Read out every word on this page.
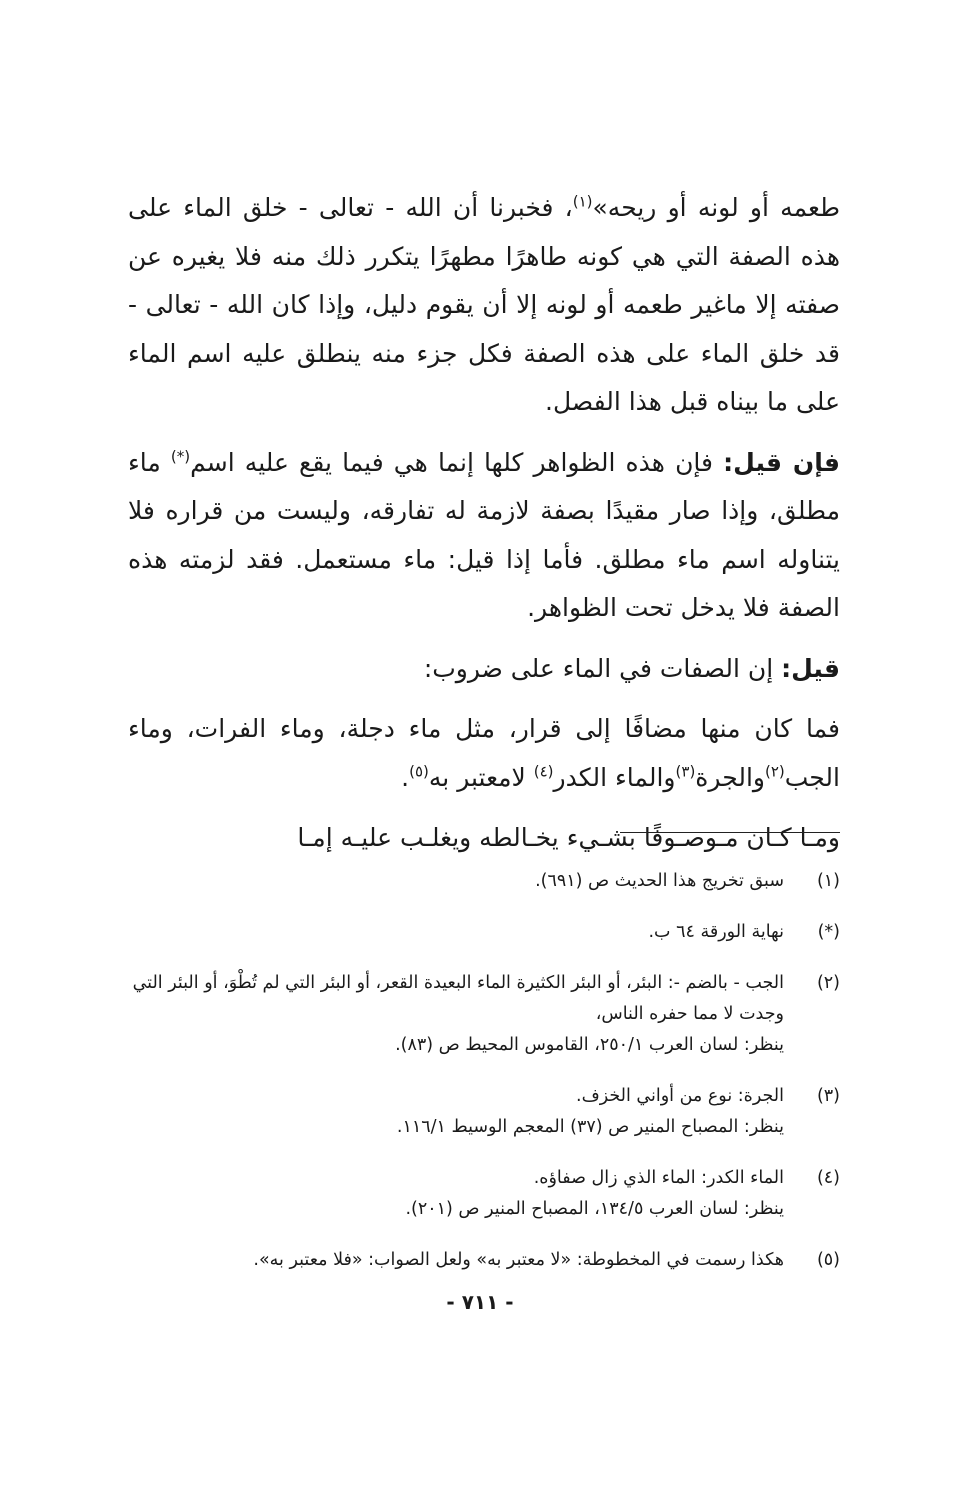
طعمه أو لونه أو ريحه»$^{(١)}$، فخبرنا أن الله - تعالى - خلق الماء على هذه الصفة التي هي كونه طاهرًا مطهرًا يتكرر ذلك منه فلا يغيره عن صفته إلا ماغير طعمه أو لونه إلا أن يقوم دليل، وإذا كان الله - تعالى - قد خلق الماء على هذه الصفة فكل جزء منه ينطلق عليه اسم الماء على ما بيناه قبل هذا الفصل.

فإن قيل: فإن هذه الظواهر كلها إنما هي فيما يقع عليه اسم(*) ماء مطلق، وإذا صار مقيدًا بصفة لازمة له تفارقه، وليست من قراره فلا يتناوله اسم ماء مطلق. فأما إذا قيل: ماء مستعمل. فقد لزمته هذه الصفة فلا يدخل تحت الظواهر.

قيل: إن الصفات في الماء على ضروب:

فما كان منها مضافًا إلى قرار، مثل ماء دجلة، وماء الفرات، وماء الجب$^{(٢)}$والجرة$^{(٣)}$والماء الكدر$^{(٤)}$ لامعتبر به$^{(٥)}$.

ومـا كـان مـوصـوفًا بشـيء يخـالطه ويغلـب عليـه إمـا

(١)
سبق تخريج هذا الحديث ص (٦٩١).
(*)
نهاية الورقة ٦٤ ب.
(٢)
الجب - بالضم -: البئر، أو البئر الكثيرة الماء البعيدة القعر، أو البئر التي لم تُطْوَ، أو البئر التي وجدت لا مما حفره الناس،
ينظر: لسان العرب ٢٥٠/١، القاموس المحيط ص (٨٣).
(٣)
الجرة: نوع من أواني الخزف.
ينظر: المصباح المنير ص (٣٧) المعجم الوسيط ١١٦/١.
(٤)
الماء الكدر: الماء الذي زال صفاؤه.
ينظر: لسان العرب ١٣٤/٥، المصباح المنير ص (٢٠١).
(٥)
هكذا رسمت في المخطوطة: «لا معتبر به» ولعل الصواب: «فلا معتبر به».
- ٧١١ -
